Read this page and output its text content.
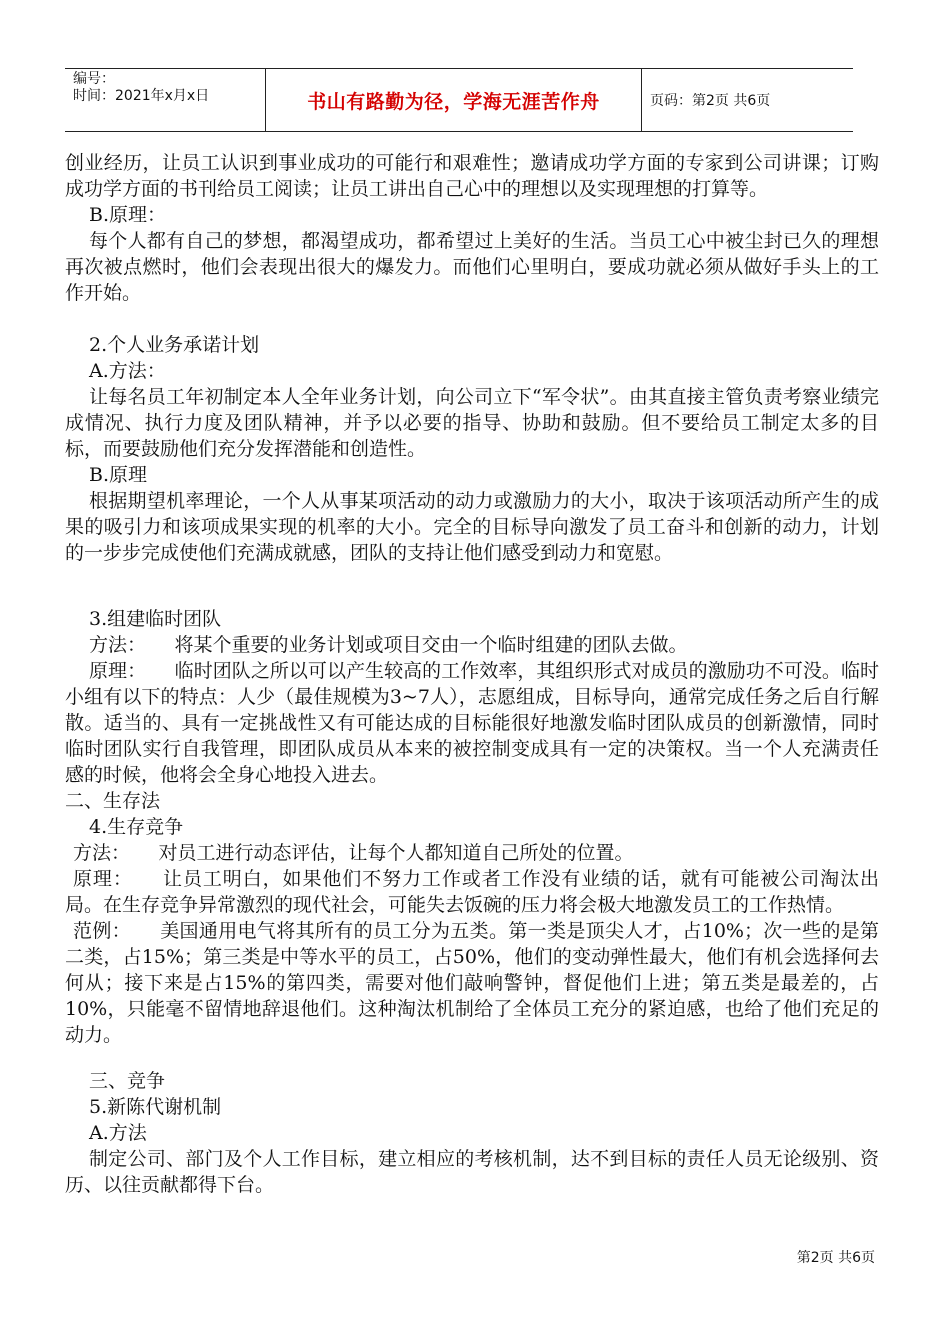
编号：
时间：2021年x月x日	书山有路勤为径，学海无涯苦作舟	页码：第2页 共6页

创业经历，让员工认识到事业成功的可能行和艰难性；邀请成功学方面的专家到公司讲课；订购成功学方面的书刊给员工阅读；让员工讲出自己心中的理想以及实现理想的打算等。

B.原理：

每个人都有自己的梦想，都渴望成功，都希望过上美好的生活。当员工心中被尘封已久的理想再次被点燃时，他们会表现出很大的爆发力。而他们心里明白，要成功就必须从做好手头上的工作开始。

2.个人业务承诺计划

A.方法：

让每名员工年初制定本人全年业务计划，向公司立下“军令状”。由其直接主管负责考察业绩完成情况、执行力度及团队精神，并予以必要的指导、协助和鼓励。但不要给员工制定太多的目标，而要鼓励他们充分发挥潜能和创造性。

B.原理

根据期望机率理论，一个人从事某项活动的动力或激励力的大小，取决于该项活动所产生的成果的吸引力和该项成果实现的机率的大小。完全的目标导向激发了员工奋斗和创新的动力，计划的一步步完成使他们充满成就感，团队的支持让他们感受到动力和宽慰。

3.组建临时团队

方法：　　将某个重要的业务计划或项目交由一个临时组建的团队去做。

原理：　　临时团队之所以可以产生较高的工作效率，其组织形式对成员的激励功不可没。临时小组有以下的特点：人少（最佳规模为3~7人），志愿组成，目标导向，通常完成任务之后自行解散。适当的、具有一定挑战性又有可能达成的目标能很好地激发临时团队成员的创新激情，同时临时团队实行自我管理，即团队成员从本来的被控制变成具有一定的决策权。当一个人充满责任感的时候，他将会全身心地投入进去。

二、生存法

4.生存竞争

方法：　　对员工进行动态评估，让每个人都知道自己所处的位置。

原理：　　让员工明白，如果他们不努力工作或者工作没有业绩的话，就有可能被公司淘汰出局。在生存竞争异常激烈的现代社会，可能失去饭碗的压力将会极大地激发员工的工作热情。

范例：　　美国通用电气将其所有的员工分为五类。第一类是顶尖人才，占10%；次一些的是第二类，占15%；第三类是中等水平的员工，占50%，他们的变动弹性最大，他们有机会选择何去何从；接下来是占15%的第四类，需要对他们敲响警钟，督促他们上进；第五类是最差的，占10%，只能毫不留情地辞退他们。这种淘汰机制给了全体员工充分的紧迫感，也给了他们充足的动力。

三、竞争

5.新陈代谢机制

A.方法

制定公司、部门及个人工作目标，建立相应的考核机制，达不到目标的责任人员无论级别、资历、以往贡献都得下台。

第2页 共6页
